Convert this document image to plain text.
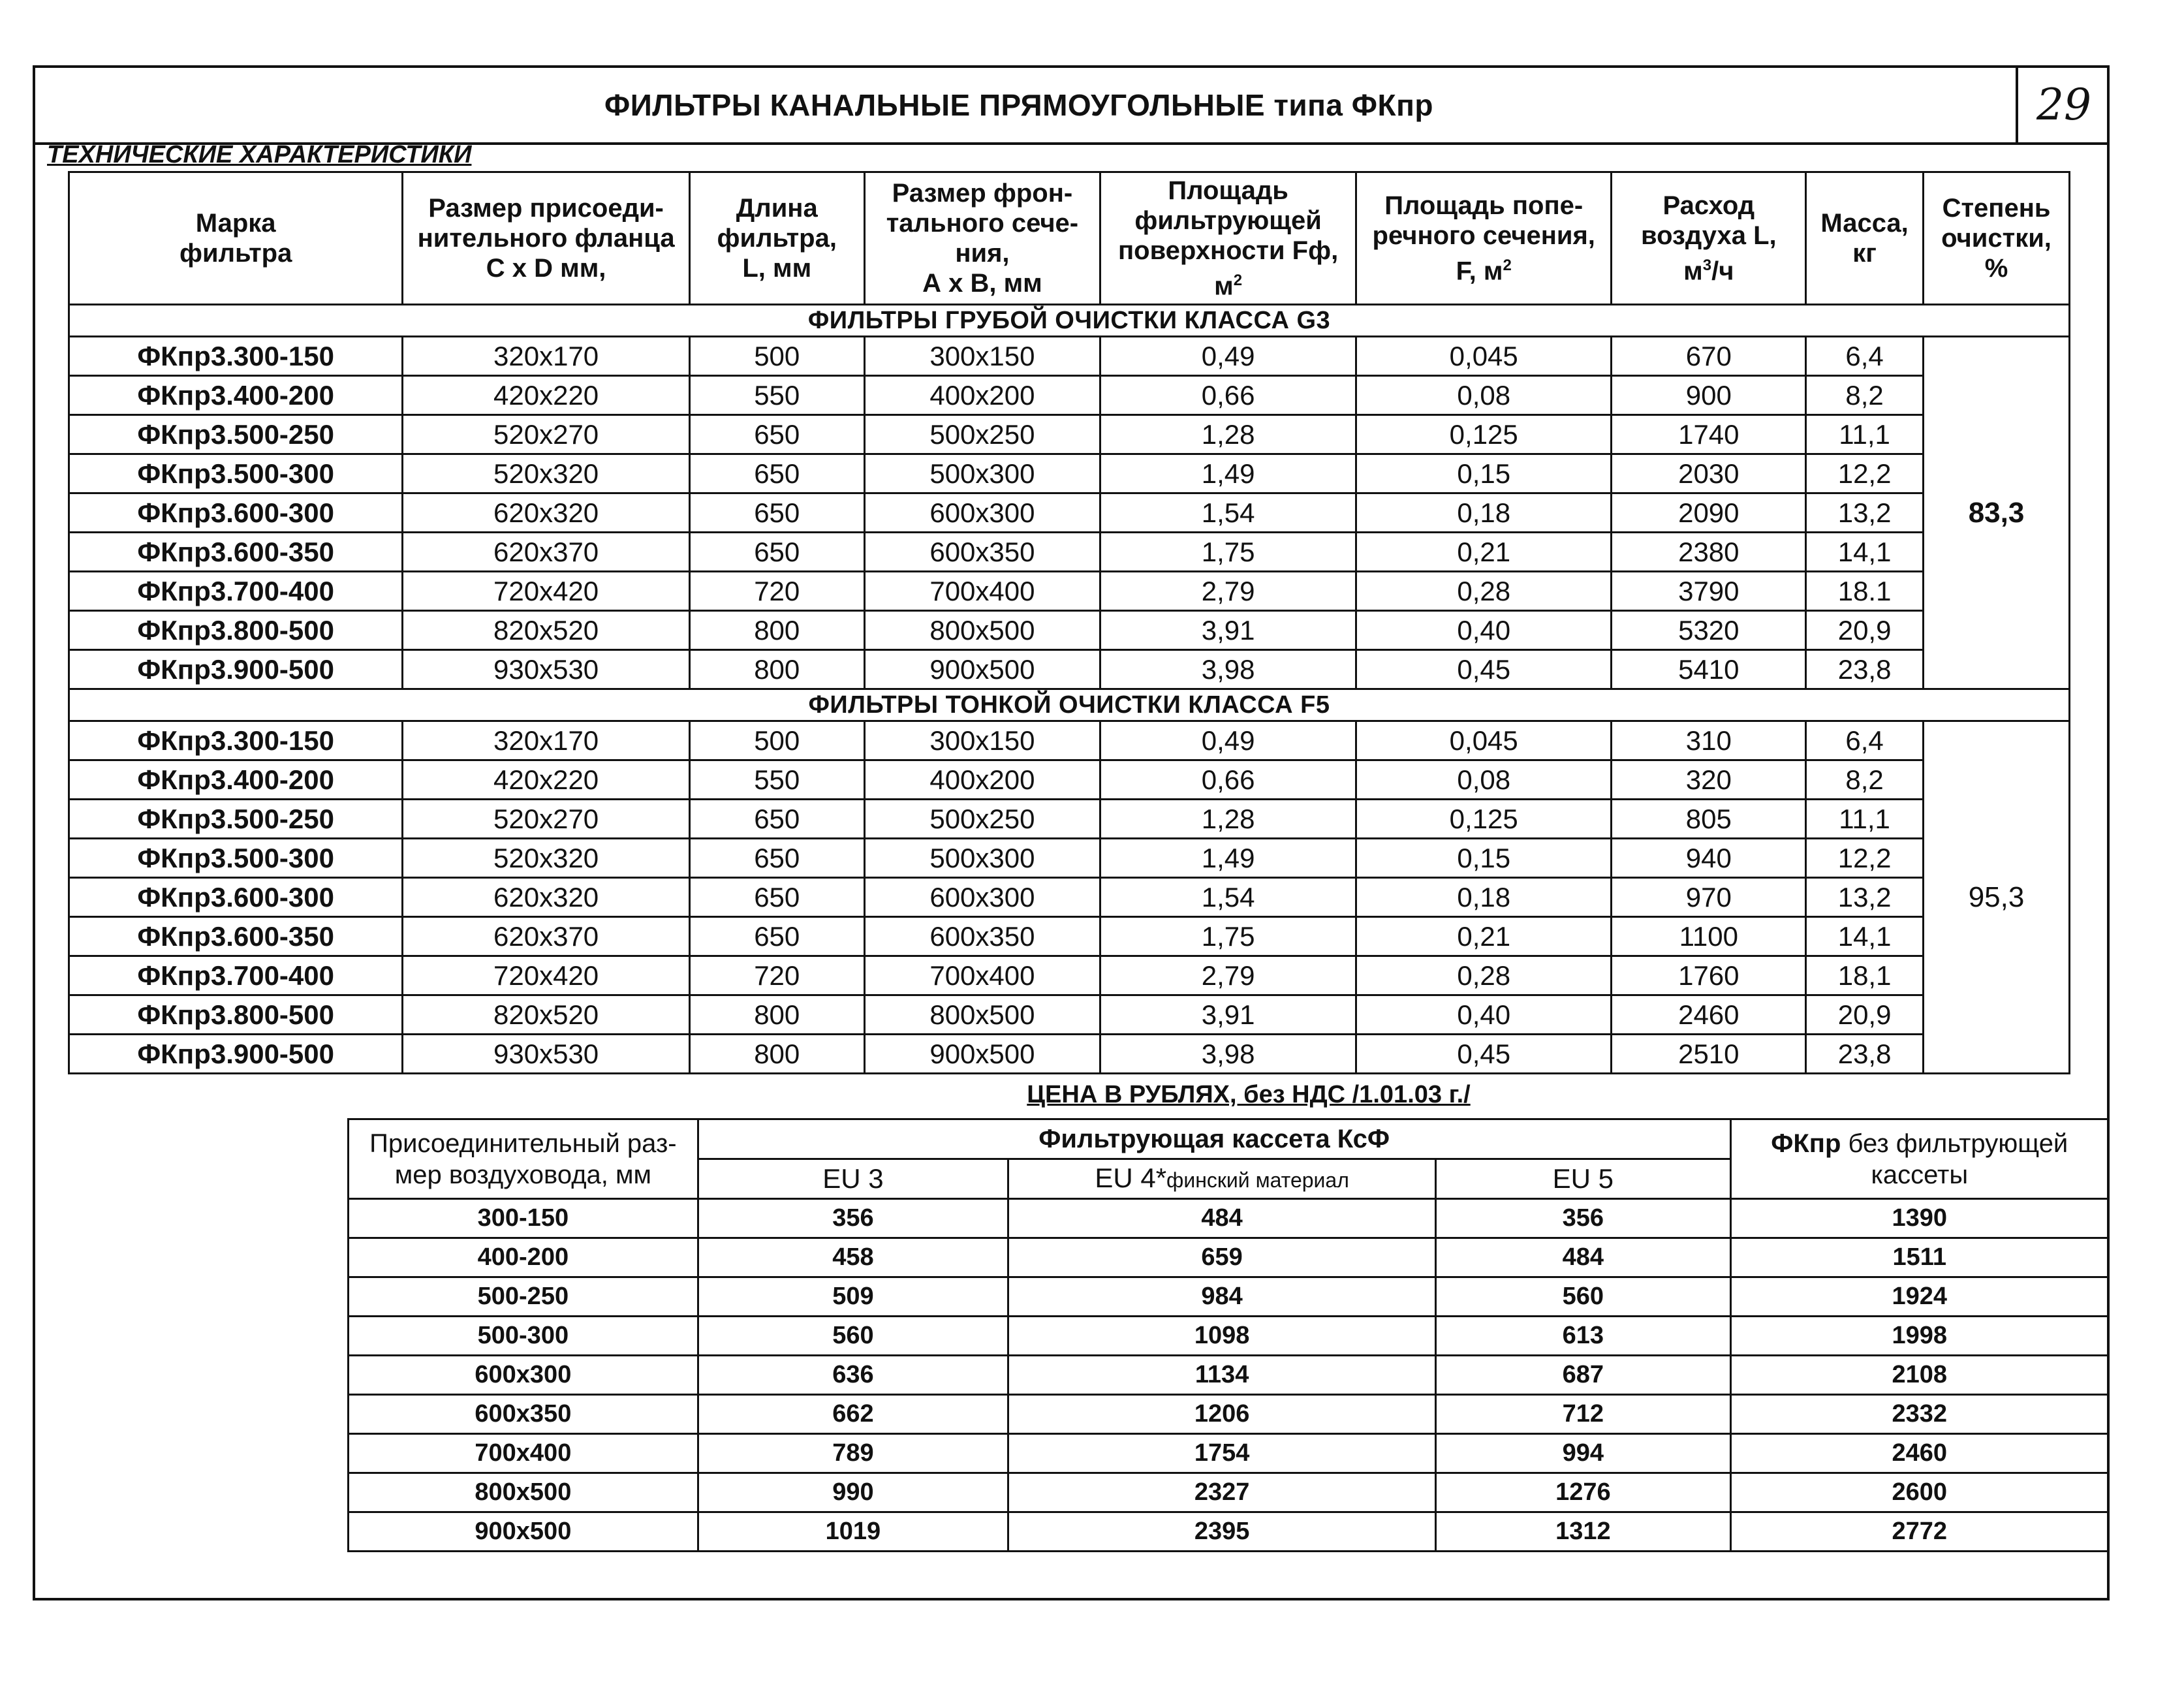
ФИЛЬТРЫ КАНАЛЬНЫЕ ПРЯМОУГОЛЬНЫЕ типа ФКпр	29
ТЕХНИЧЕСКИЕ ХАРАКТЕРИСТИКИ
Марка
фильтра	Размер присоеди-
нительного фланца
С х D мм,	Длина
фильтра,
L, мм	Размер фрон-
тального сече-
ния,
А х В, мм	Площадь
фильтрующей
поверхности Fф,
$м^2$	Площадь попе-
речного сечения,
F, $м^2$	Расход
воздуха L,
$м^3/ч$	Масса,
кг	Степень
очистки,
%
ФИЛЬТРЫ ГРУБОЙ ОЧИСТКИ КЛАССА G3								
ФКпр3.300-150	320х170	500	300х150	0,49	0,045	670	6,4	83,3
ФКпр3.400-200	420х220	550	400х200	0,66	0,08	900	8,2	
ФКпр3.500-250	520х270	650	500х250	1,28	0,125	1740	11,1	
ФКпр3.500-300	520х320	650	500х300	1,49	0,15	2030	12,2	
ФКпр3.600-300	620х320	650	600х300	1,54	0,18	2090	13,2	
ФКпр3.600-350	620х370	650	600х350	1,75	0,21	2380	14,1	
ФКпр3.700-400	720х420	720	700х400	2,79	0,28	3790	18.1	
ФКпр3.800-500	820х520	800	800х500	3,91	0,40	5320	20,9	
ФКпр3.900-500	930х530	800	900х500	3,98	0,45	5410	23,8	
ФИЛЬТРЫ ТОНКОЙ ОЧИСТКИ КЛАССА F5								
ФКпр3.300-150	320х170	500	300х150	0,49	0,045	310	6,4	95,3
ФКпр3.400-200	420х220	550	400х200	0,66	0,08	320	8,2	
ФКпр3.500-250	520х270	650	500х250	1,28	0,125	805	11,1	
ФКпр3.500-300	520х320	650	500х300	1,49	0,15	940	12,2	
ФКпр3.600-300	620х320	650	600х300	1,54	0,18	970	13,2	
ФКпр3.600-350	620х370	650	600х350	1,75	0,21	1100	14,1	
ФКпр3.700-400	720х420	720	700х400	2,79	0,28	1760	18,1	
ФКпр3.800-500	820х520	800	800х500	3,91	0,40	2460	20,9	
ФКпр3.900-500	930х530	800	900х500	3,98	0,45	2510	23,8	
ЦЕНА В РУБЛЯХ, без НДС /1.01.03 г./
Присоединительный раз-
мер воздуховода, мм	Фильтрующая кассета КсФ			ФКпр без фильтрующей
кассеты
	EU 3	EU 4*финский материал	EU 5	
300-150	356	484	356	1390
400-200	458	659	484	1511
500-250	509	984	560	1924
500-300	560	1098	613	1998
600х300	636	1134	687	2108
600х350	662	1206	712	2332
700х400	789	1754	994	2460
800х500	990	2327	1276	2600
900х500	1019	2395	1312	2772
